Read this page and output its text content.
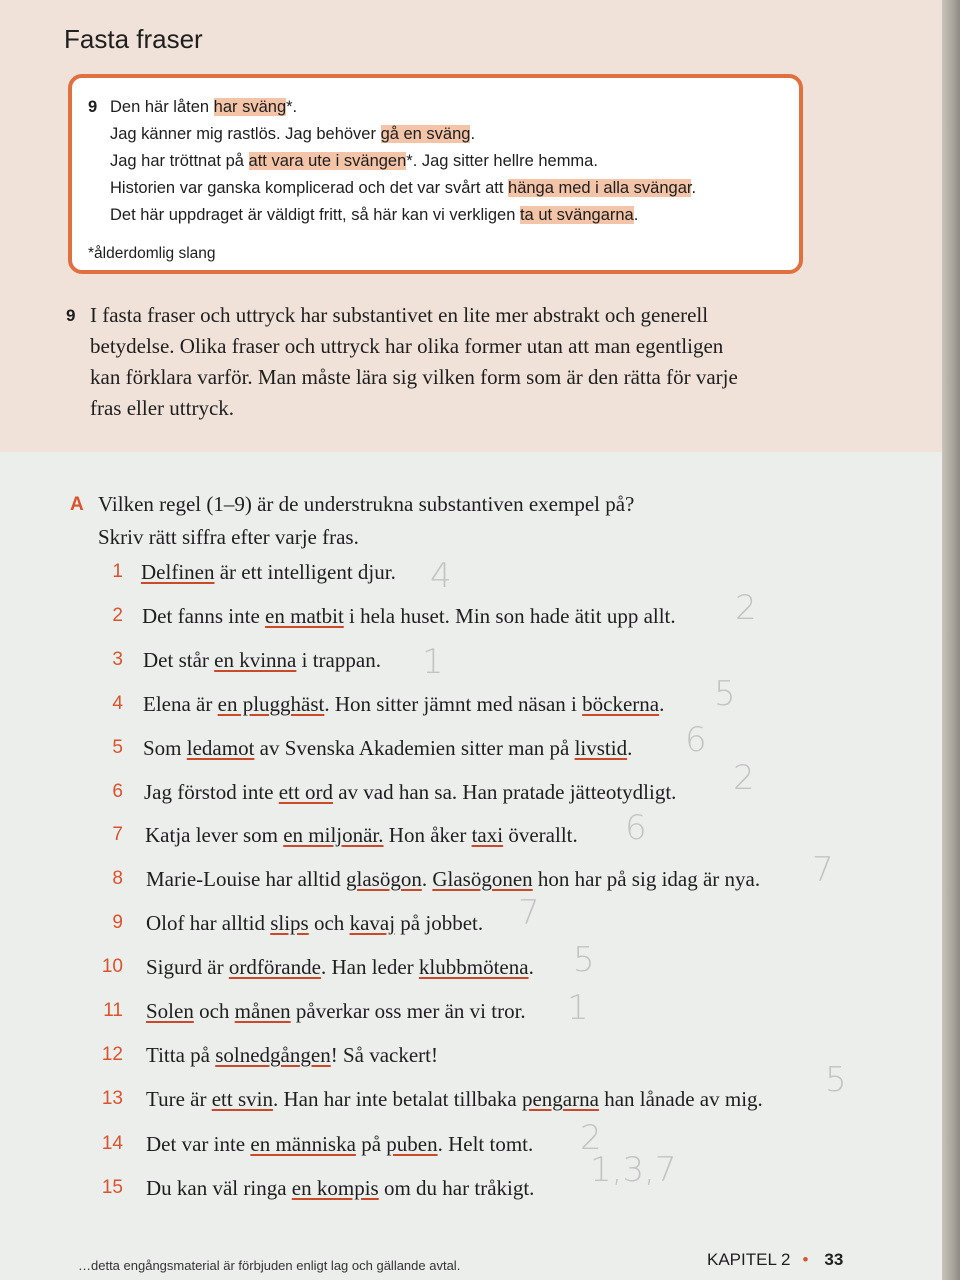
Fasta fraser
9 Den här låten har sväng*.
Jag känner mig rastlös. Jag behöver gå en sväng.
Jag har tröttnat på att vara ute i svängen*. Jag sitter hellre hemma.
Historien var ganska komplicerad och det var svårt att hänga med i alla svängar.
Det här uppdraget är väldigt fritt, så här kan vi verkligen ta ut svängarna.
*ålderdomlig slang
9 I fasta fraser och uttryck har substantivet en lite mer abstrakt och generell betydelse. Olika fraser och uttryck har olika former utan att man egentligen kan förklara varför. Man måste lära sig vilken form som är den rätta för varje fras eller uttryck.
A Vilken regel (1–9) är de understrukna substantiven exempel på?
Skriv rätt siffra efter varje fras.
1 Delfinen är ett intelligent djur.
2 Det fanns inte en matbit i hela huset. Min son hade ätit upp allt.
3 Det står en kvinna i trappan.
4 Elena är en plugghäst. Hon sitter jämnt med näsan i böckerna.
5 Som ledamot av Svenska Akademien sitter man på livstid.
6 Jag förstod inte ett ord av vad han sa. Han pratade jätteotydligt.
7 Katja lever som en miljonär. Hon åker taxi överallt.
8 Marie-Louise har alltid glasögon. Glasögonen hon har på sig idag är nya.
9 Olof har alltid slips och kavaj på jobbet.
10 Sigurd är ordförande. Han leder klubbmötena.
11 Solen och månen påverkar oss mer än vi tror.
12 Titta på solnedgången! Så vackert!
13 Ture är ett svin. Han har inte betalat tillbaka pengarna han lånade av mig.
14 Det var inte en människa på puben. Helt tomt.
15 Du kan väl ringa en kompis om du har tråkigt.
4
2
1
5
6
2
6
7
7
5
1
5
2
1,3,7
…detta engångsmaterial är förbjuden enligt lag och gällande avtal.	KAPITEL 2 • 33
